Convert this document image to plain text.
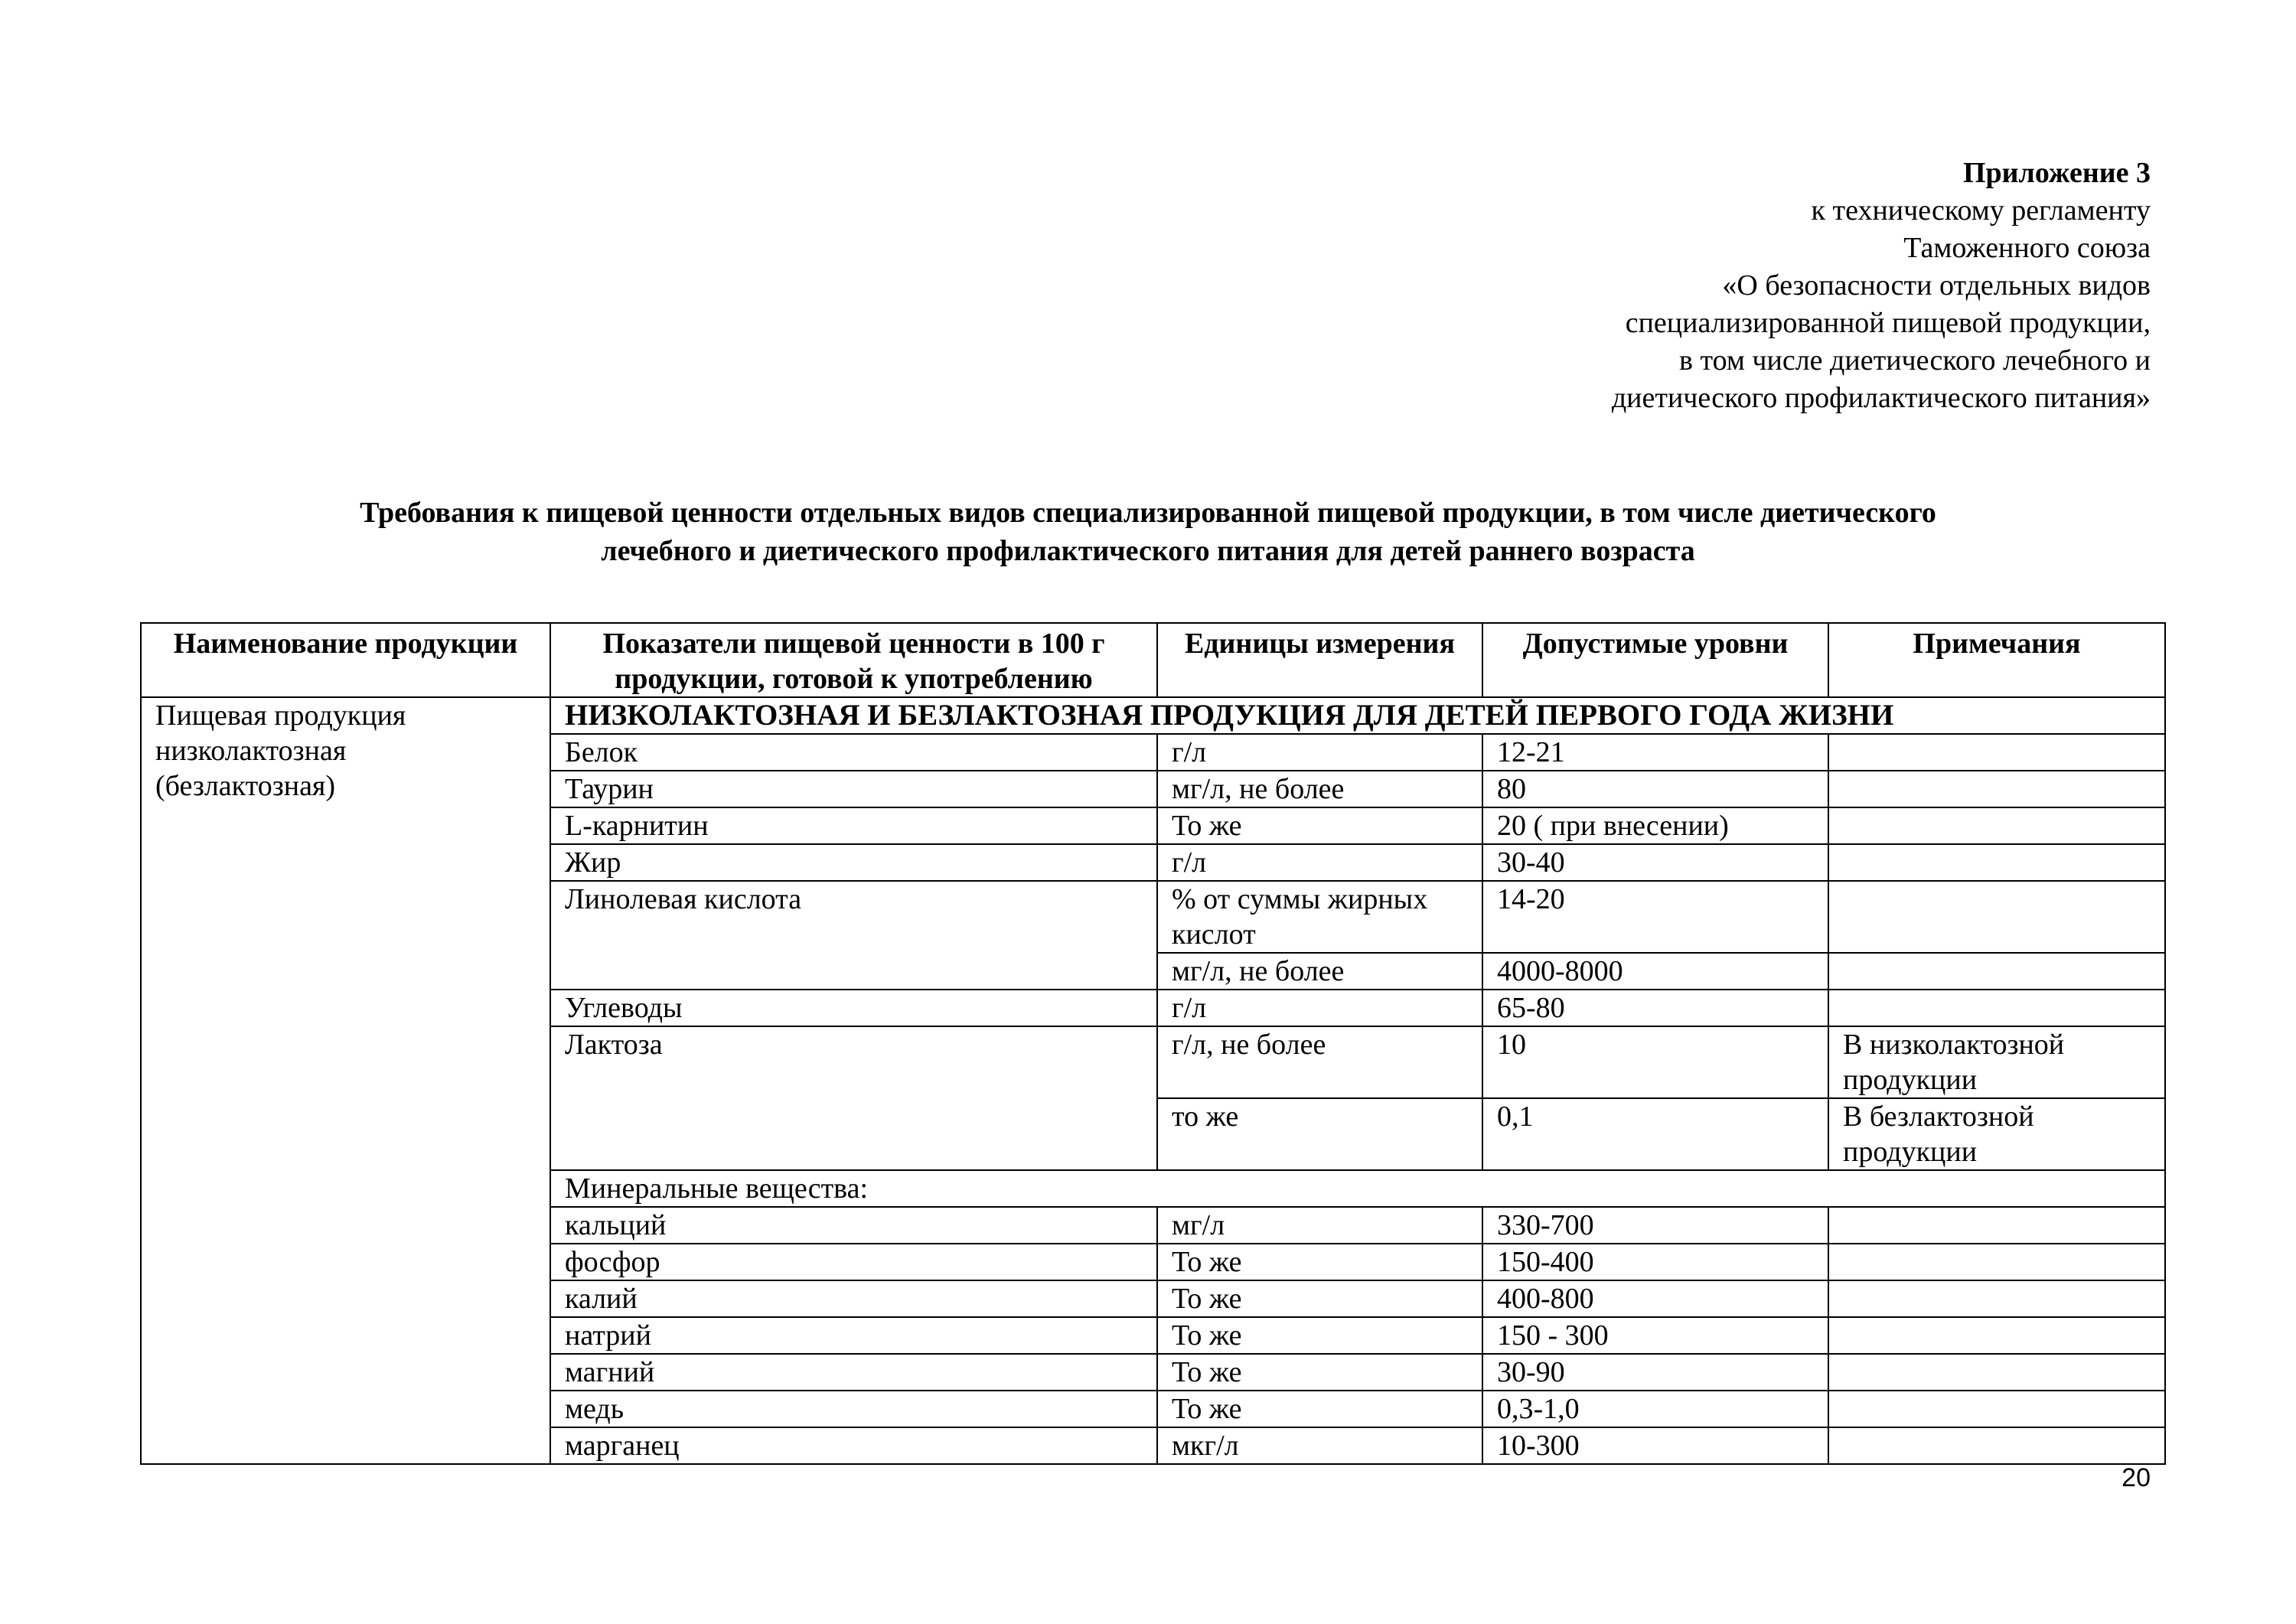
Приложение 3
к техническому регламенту
Таможенного союза
«О безопасности отдельных видов
специализированной пищевой продукции,
в том числе диетического лечебного и
диетического профилактического питания»
Требования к пищевой ценности отдельных видов специализированной пищевой продукции, в том числе диетического
лечебного и диетического профилактического питания для детей раннего возраста
Наименование продукции	Показатели пищевой ценности в 100 г продукции, готовой к употреблению	Единицы измерения	Допустимые уровни	Примечания

Пищевая продукция
низколактозная
(безлактозная)	НИЗКОЛАКТОЗНАЯ И БЕЗЛАКТОЗНАЯ ПРОДУКЦИЯ ДЛЯ ДЕТЕЙ ПЕРВОГО ГОДА ЖИЗНИ			
	Белок	г/л	12-21	
	Таурин	мг/л, не более	80	
	L-карнитин	То же	20 ( при внесении)	
	Жир	г/л	30-40	
	Линолевая кислота	% от суммы жирных кислот	14-20	
		мг/л, не более	4000-8000	
	Углеводы	г/л	65-80	
	Лактоза	г/л, не более	10	В низколактозной продукции
		то же	0,1	В безлактозной продукции
	Минеральные вещества:			
	кальций	мг/л	330-700	
	фосфор	То же	150-400	
	калий	То же	400-800	
	натрий	То же	150 - 300	
	магний	То же	30-90	
	медь	То же	0,3-1,0	
	марганец	мкг/л	10-300	
20
